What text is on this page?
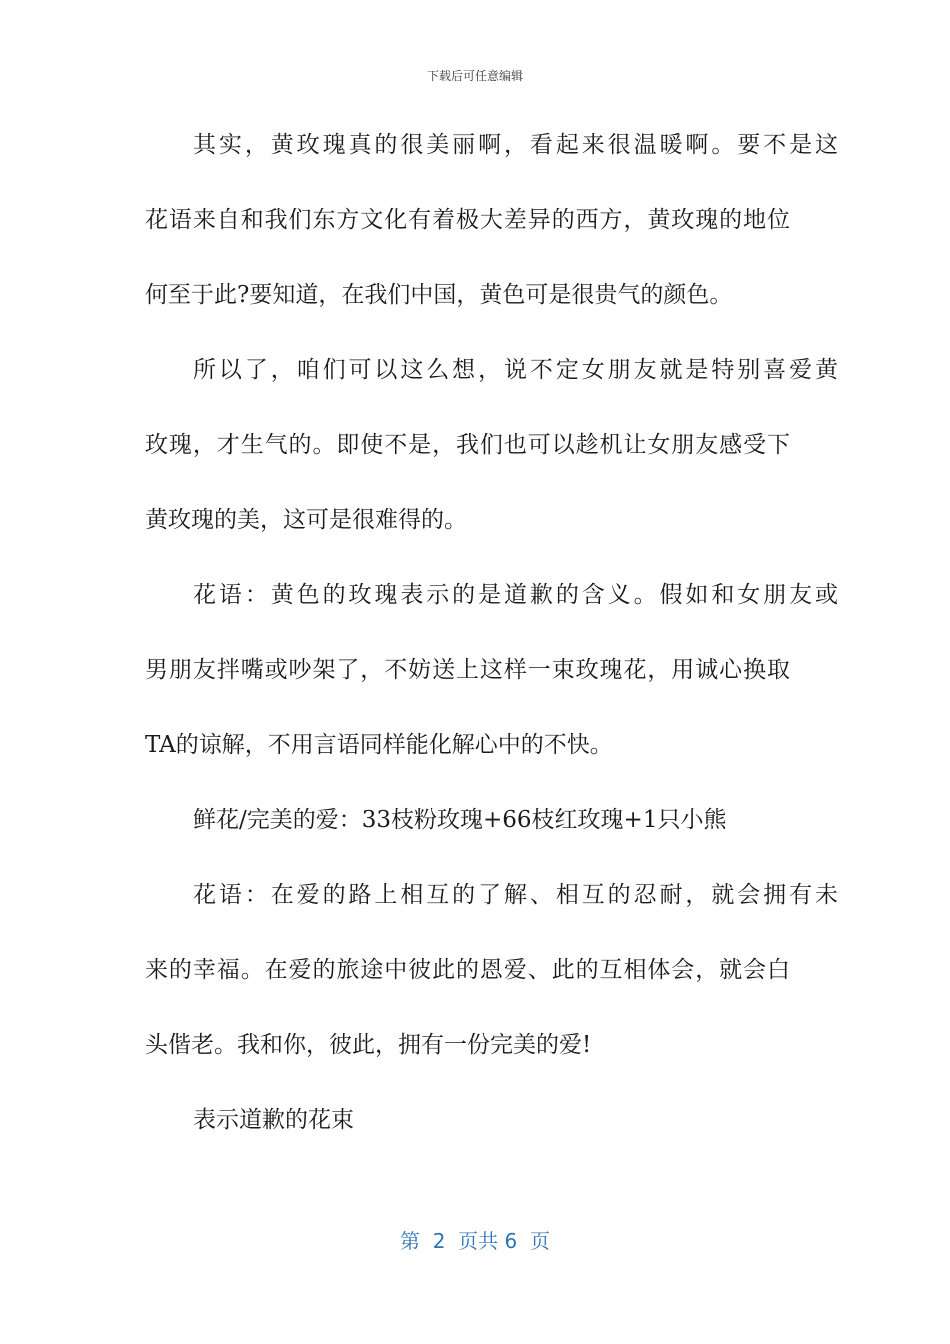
下载后可任意编辑
其实，黄玫瑰真的很美丽啊，看起来很温暖啊。要不是这
花语来自和我们东方文化有着极大差异的西方，黄玫瑰的地位
何至于此?要知道，在我们中国，黄色可是很贵气的颜色。
所以了，咱们可以这么想，说不定女朋友就是特别喜爱黄
玫瑰，才生气的。即使不是，我们也可以趁机让女朋友感受下
黄玫瑰的美，这可是很难得的。
花语：黄色的玫瑰表示的是道歉的含义。假如和女朋友或
男朋友拌嘴或吵架了，不妨送上这样一束玫瑰花，用诚心换取
TA的谅解，不用言语同样能化解心中的不快。
鲜花/完美的爱：33枝粉玫瑰+66枝红玫瑰+1只小熊
花语：在爱的路上相互的了解、相互的忍耐，就会拥有未
来的幸福。在爱的旅途中彼此的恩爱、此的互相体会，就会白
头偕老。我和你，彼此，拥有一份完美的爱!
表示道歉的花束
第  2  页共 6  页
